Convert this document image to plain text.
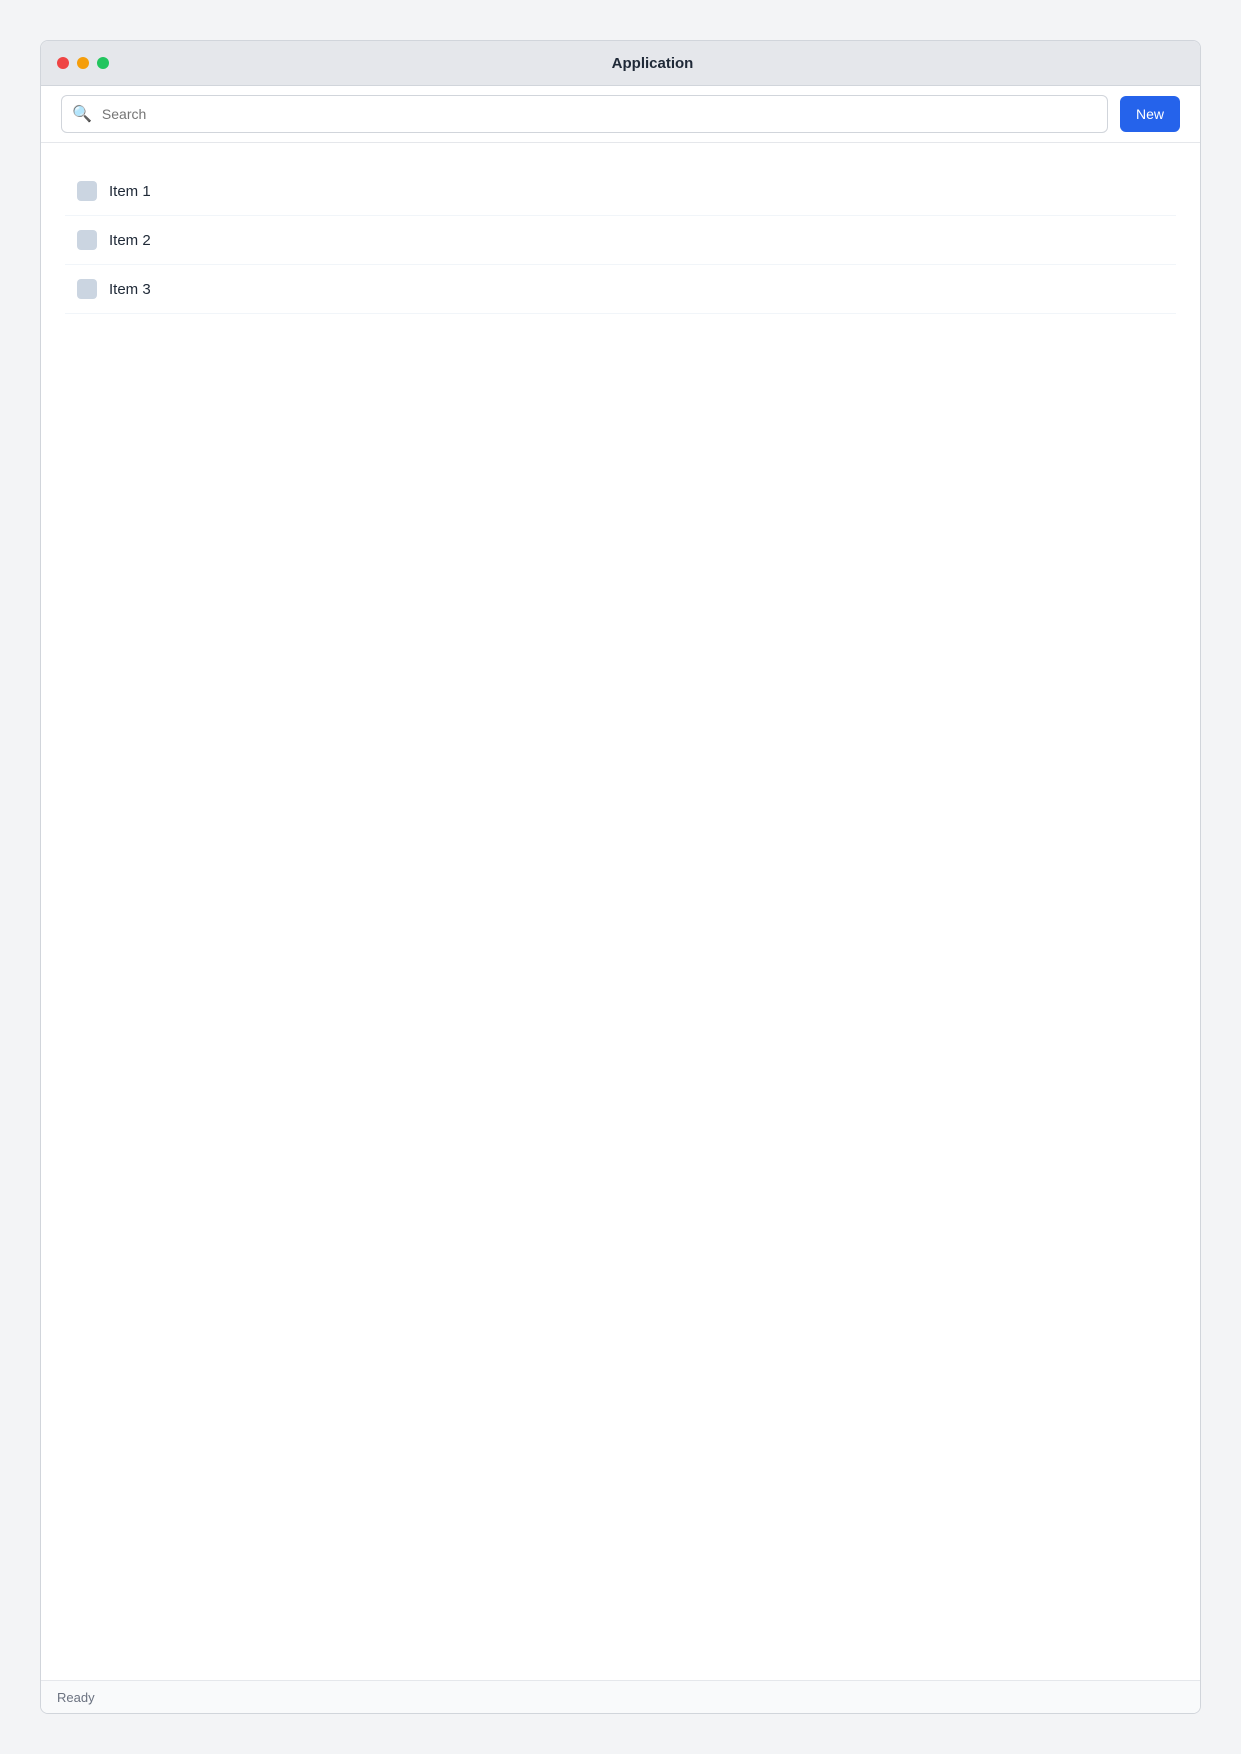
Application
🔍
Search	New
Item 1
Item 2
Item 3
Ready
